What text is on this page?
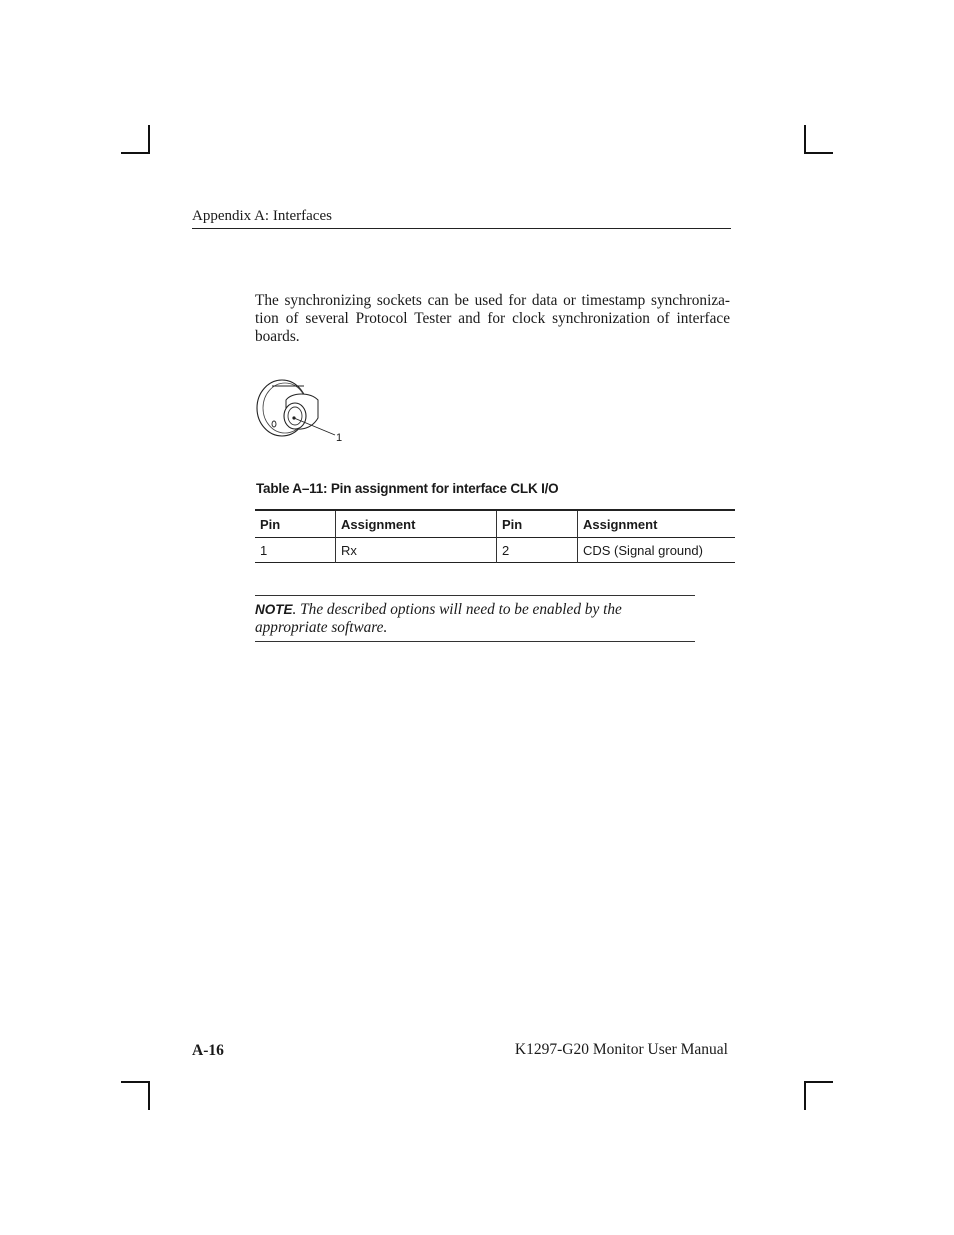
Appendix A: Interfaces

The synchronizing sockets can be used for data or timestamp synchroniza-tion of several Protocol Tester and for clock synchronization of interface boards.

1
Table A–11: Pin assignment for interface CLK I/O
Pin	Assignment	Pin	Assignment
1	Rx	2	CDS (Signal ground)
NOTE. The described options will need to be enabled by the appropriate software.
A-16	K1297-G20 Monitor User Manual
